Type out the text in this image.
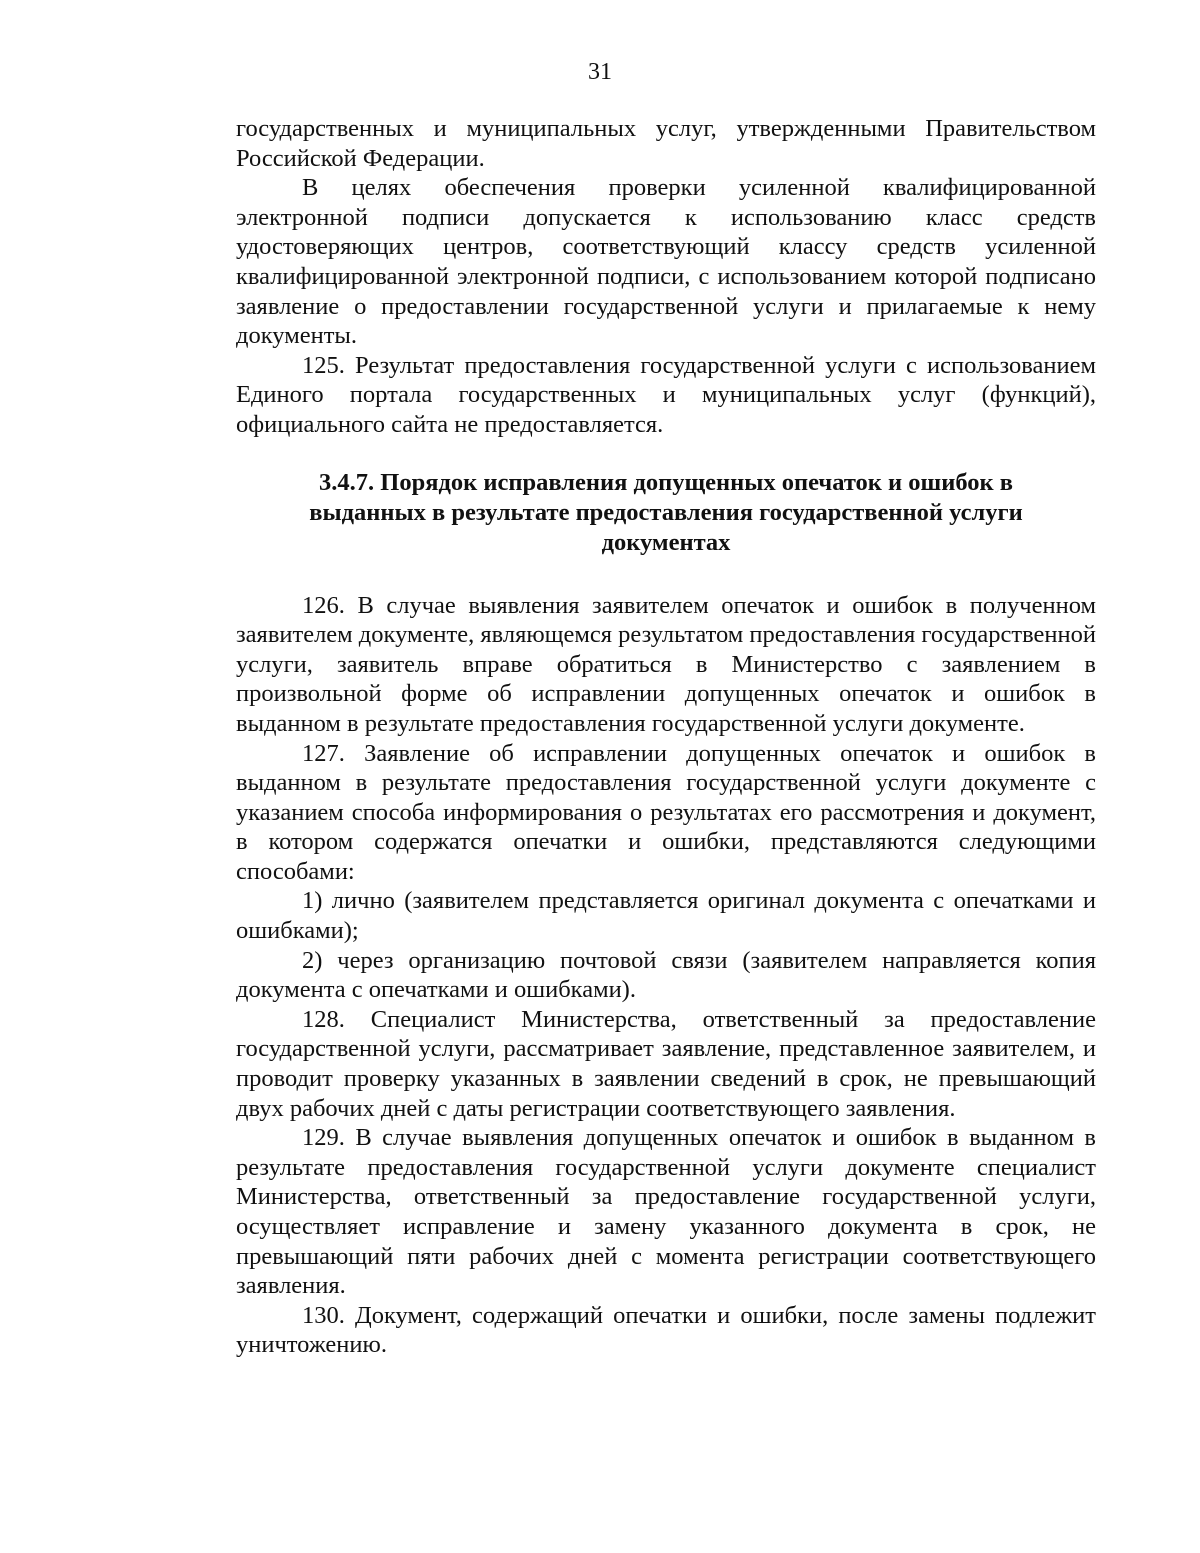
31

государственных и муниципальных услуг, утвержденными Правительством Российской Федерации.

В целях обеспечения проверки усиленной квалифицированной электронной подписи допускается к использованию класс средств удостоверяющих центров, соответствующий классу средств усиленной квалифицированной электронной подписи, с использованием которой подписано заявление о предоставлении государственной услуги и прилагаемые к нему документы.

125. Результат предоставления государственной услуги с использованием Единого портала государственных и муниципальных услуг (функций), официального сайта не предоставляется.

3.4.7. Порядок исправления допущенных опечаток и ошибок в выданных в результате предоставления государственной услуги документах

126. В случае выявления заявителем опечаток и ошибок в полученном заявителем документе, являющемся результатом предоставления государственной услуги, заявитель вправе обратиться в Министерство с заявлением в произвольной форме об исправлении допущенных опечаток и ошибок в выданном в результате предоставления государственной услуги документе.

127. Заявление об исправлении допущенных опечаток и ошибок в выданном в результате предоставления государственной услуги документе с указанием способа информирования о результатах его рассмотрения и документ, в котором содержатся опечатки и ошибки, представляются следующими способами:

1) лично (заявителем представляется оригинал документа с опечатками и ошибками);

2) через организацию почтовой связи (заявителем направляется копия документа с опечатками и ошибками).

128. Специалист Министерства, ответственный за предоставление государственной услуги, рассматривает заявление, представленное заявителем, и проводит проверку указанных в заявлении сведений в срок, не превышающий двух рабочих дней с даты регистрации соответствующего заявления.

129. В случае выявления допущенных опечаток и ошибок в выданном в результате предоставления государственной услуги документе специалист Министерства, ответственный за предоставление государственной услуги, осуществляет исправление и замену указанного документа в срок, не превышающий пяти рабочих дней с момента регистрации соответствующего заявления.

130. Документ, содержащий опечатки и ошибки, после замены подлежит уничтожению.
